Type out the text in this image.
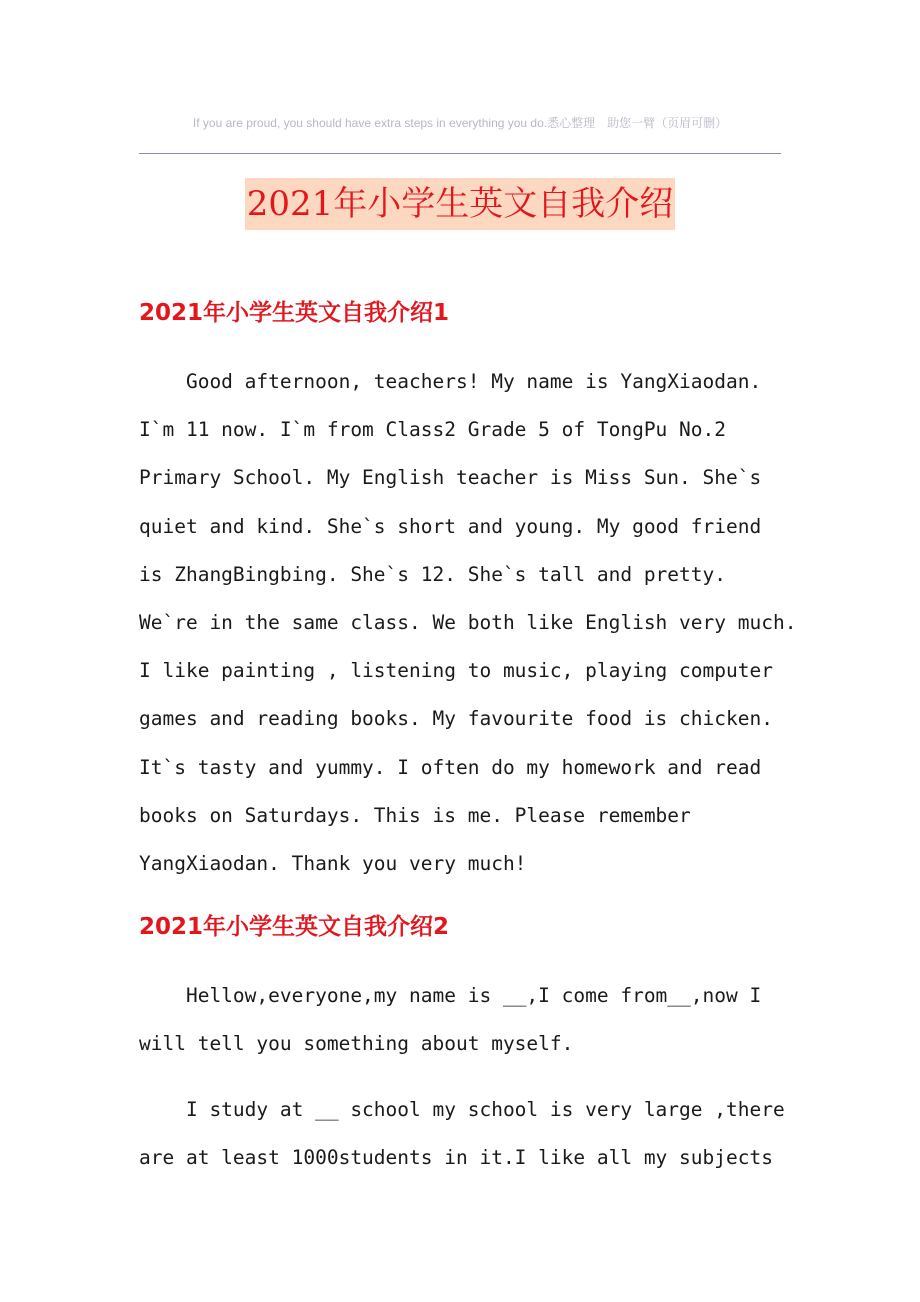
If you are proud, you should have extra steps in everything you do.悉心整理　助您一臂（页眉可删）
2021年小学生英文自我介绍
2021年小学生英文自我介绍1
Good afternoon, teachers! My name is YangXiaodan.
I`m 11 now. I`m from Class2 Grade 5 of TongPu No.2
Primary School. My English teacher is Miss Sun. She`s
quiet and kind. She`s short and young. My good friend
is ZhangBingbing. She`s 12. She`s tall and pretty.
We`re in the same class. We both like English very much.
I like painting , listening to music, playing computer
games and reading books. My favourite food is chicken.
It`s tasty and yummy. I often do my homework and read
books on Saturdays. This is me. Please remember
YangXiaodan. Thank you very much!
2021年小学生英文自我介绍2
Hellow,everyone,my name is __,I come from__,now I
will tell you something about myself.
I study at __ school my school is very large ,there
are at least 1000students in it.I like all my subjects
